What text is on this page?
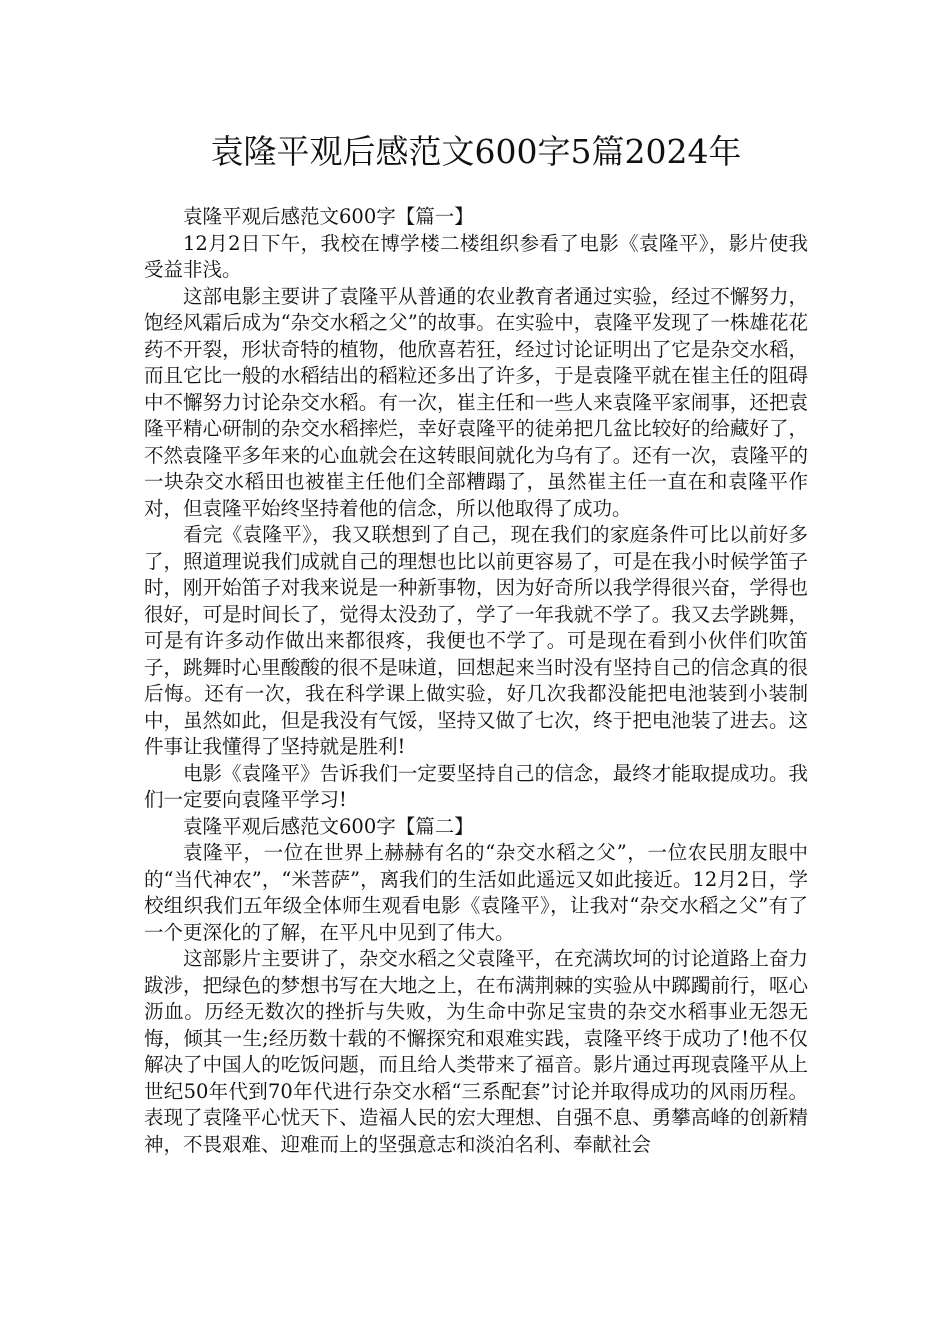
袁隆平观后感范文600字5篇2024年

袁隆平观后感范文600字【篇一】

12月2日下午，我校在博学楼二楼组织参看了电影《袁隆平》，影片使我受益非浅。

这部电影主要讲了袁隆平从普通的农业教育者通过实验，经过不懈努力，饱经风霜后成为“杂交水稻之父”的故事。在实验中，袁隆平发现了一株雄花花药不开裂，形状奇特的植物，他欣喜若狂，经过讨论证明出了它是杂交水稻，而且它比一般的水稻结出的稻粒还多出了许多，于是袁隆平就在崔主任的阻碍中不懈努力讨论杂交水稻。有一次，崔主任和一些人来袁隆平家闹事，还把袁隆平精心研制的杂交水稻摔烂，幸好袁隆平的徒弟把几盆比较好的给藏好了，不然袁隆平多年来的心血就会在这转眼间就化为乌有了。还有一次，袁隆平的一块杂交水稻田也被崔主任他们全部糟蹋了，虽然崔主任一直在和袁隆平作对，但袁隆平始终坚持着他的信念，所以他取得了成功。

看完《袁隆平》，我又联想到了自己，现在我们的家庭条件可比以前好多了，照道理说我们成就自己的理想也比以前更容易了，可是在我小时候学笛子时，刚开始笛子对我来说是一种新事物，因为好奇所以我学得很兴奋，学得也很好，可是时间长了，觉得太没劲了，学了一年我就不学了。我又去学跳舞，可是有许多动作做出来都很疼，我便也不学了。可是现在看到小伙伴们吹笛子，跳舞时心里酸酸的很不是味道，回想起来当时没有坚持自己的信念真的很后悔。还有一次，我在科学课上做实验，好几次我都没能把电池装到小装制中，虽然如此，但是我没有气馁，坚持又做了七次，终于把电池装了进去。这件事让我懂得了坚持就是胜利!

电影《袁隆平》告诉我们一定要坚持自己的信念，最终才能取提成功。我们一定要向袁隆平学习!

袁隆平观后感范文600字【篇二】

袁隆平，一位在世界上赫赫有名的“杂交水稻之父”，一位农民朋友眼中的“当代神农”，“米菩萨”，离我们的生活如此遥远又如此接近。12月2日，学校组织我们五年级全体师生观看电影《袁隆平》，让我对“杂交水稻之父”有了一个更深化的了解，在平凡中见到了伟大。

这部影片主要讲了，杂交水稻之父袁隆平，在充满坎坷的讨论道路上奋力跋涉，把绿色的梦想书写在大地之上，在布满荆棘的实验从中踯躅前行，呕心沥血。历经无数次的挫折与失败，为生命中弥足宝贵的杂交水稻事业无怨无悔，倾其一生;经历数十载的不懈探究和艰难实践，袁隆平终于成功了!他不仅解决了中国人的吃饭问题，而且给人类带来了福音。影片通过再现袁隆平从上世纪50年代到70年代进行杂交水稻“三系配套”讨论并取得成功的风雨历程。表现了袁隆平心忧天下、造福人民的宏大理想、自强不息、勇攀高峰的创新精神，不畏艰难、迎难而上的坚强意志和淡泊名利、奉献社会
